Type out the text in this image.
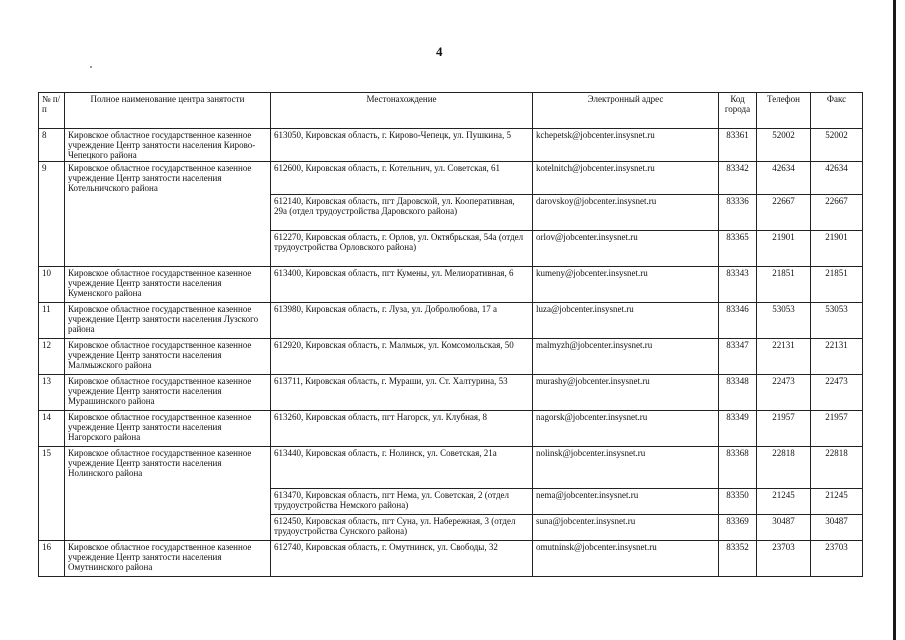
4
№ п/п	Полное наименование центра занятости	Местонахождение	Электронный адрес	Код города	Телефон	Факс
8	Кировское областное государственное казенное учреждение Центр занятости населения Кирово-Чепецкого района	613050, Кировская область, г. Кирово-Чепецк, ул. Пушкина, 5	kchepetsk@jobcenter.insysnet.ru	83361	52002	52002
9	Кировское областное государственное казенное учреждение Центр занятости населения Котельничского района	612600, Кировская область, г. Котельнич, ул. Советская, 61	kotelnitch@jobcenter.insysnet.ru	83342	42634	42634
		612140, Кировская область, пгт Даровской, ул. Кооперативная, 29а (отдел трудоустройства Даровского района)	darovskoy@jobcenter.insysnet.ru	83336	22667	22667
		612270, Кировская область, г. Орлов, ул. Октябрьская, 54а (отдел трудоустройства Орловского района)	orlov@jobcenter.insysnet.ru	83365	21901	21901
10	Кировское областное государственное казенное учреждение Центр занятости населения Куменского района	613400, Кировская область, пгт Кумены, ул. Мелиоративная, 6	kumeny@jobcenter.insysnet.ru	83343	21851	21851
11	Кировское областное государственное казенное учреждение Центр занятости населения Лузского района	613980, Кировская область, г. Луза, ул. Добролюбова, 17 а	luza@jobcenter.insysnet.ru	83346	53053	53053
12	Кировское областное государственное казенное учреждение Центр занятости населения Малмыжского района	612920, Кировская область, г. Малмыж, ул. Комсомольская, 50	malmyzh@jobcenter.insysnet.ru	83347	22131	22131
13	Кировское областное государственное казенное учреждение Центр занятости населения Мурашинского района	613711, Кировская область, г. Мураши, ул. Ст. Халтурина, 53	murashy@jobcenter.insysnet.ru	83348	22473	22473
14	Кировское областное государственное казенное учреждение Центр занятости населения Нагорского района	613260, Кировская область, пгт Нагорск, ул. Клубная, 8	nagorsk@jobcenter.insysnet.ru	83349	21957	21957
15	Кировское областное государственное казенное учреждение Центр занятости населения Нолинского района	613440, Кировская область, г. Нолинск, ул. Советская, 21а	nolinsk@jobcenter.insysnet.ru	83368	22818	22818
		613470, Кировская область, пгт Нема, ул. Советская, 2 (отдел трудоустройства Немского района)	nema@jobcenter.insysnet.ru	83350	21245	21245
		612450, Кировская область, пгт Суна, ул. Набережная, 3 (отдел трудоустройства Сунского района)	suna@jobcenter.insysnet.ru	83369	30487	30487
16	Кировское областное государственное казенное учреждение Центр занятости населения Омутнинского района	612740, Кировская область, г. Омутнинск, ул. Свободы, 32	omutninsk@jobcenter.insysnet.ru	83352	23703	23703
